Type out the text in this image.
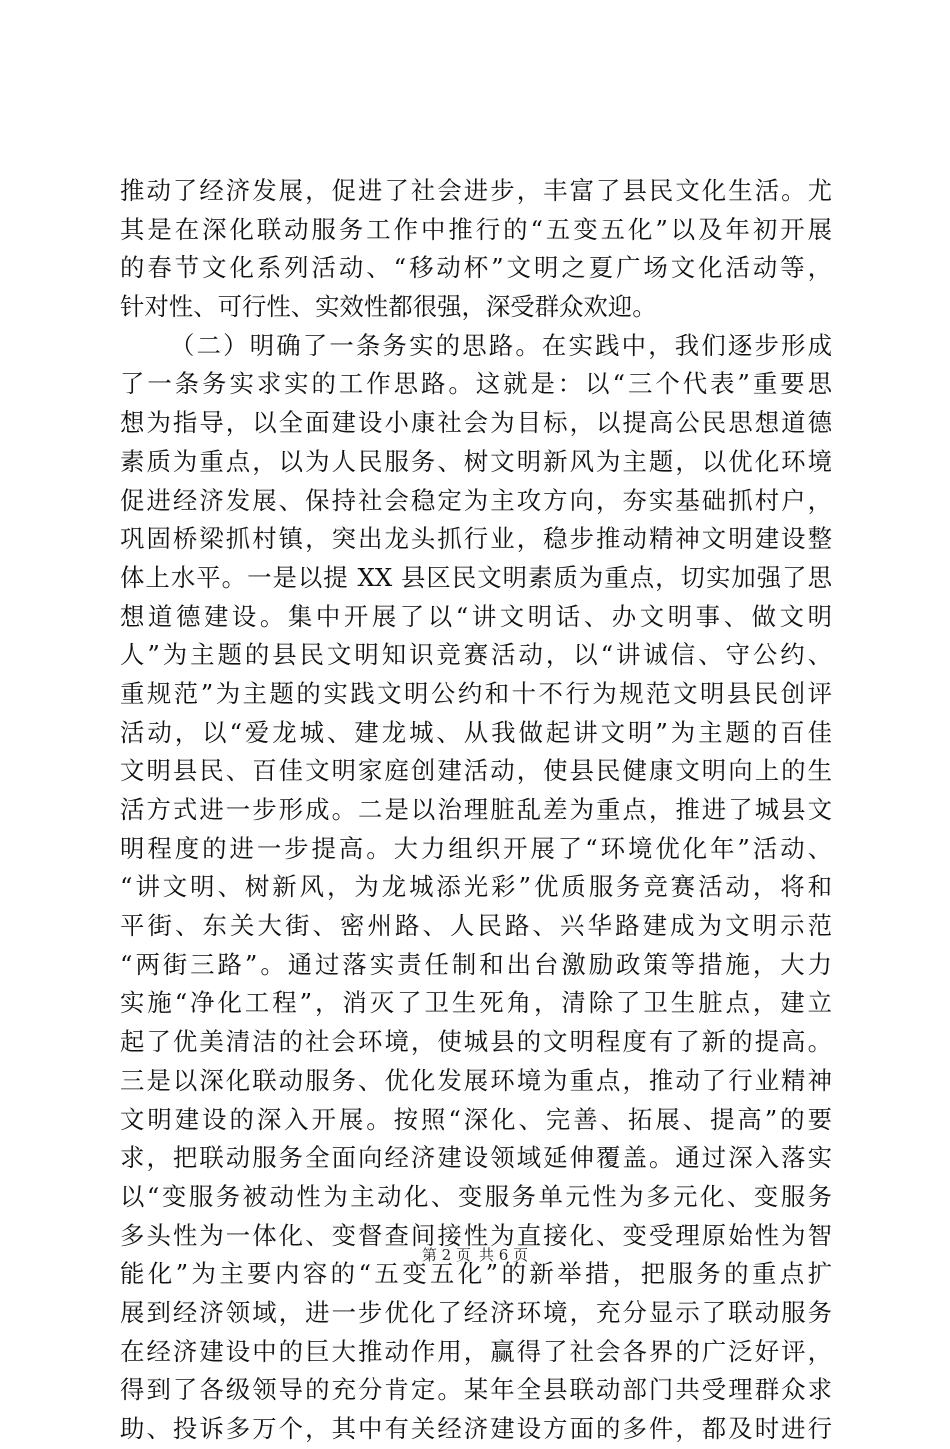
推动了经济发展，促进了社会进步，丰富了县民文化生活。尤
其是在深化联动服务工作中推行的“五变五化”以及年初开展
的春节文化系列活动、“移动杯”文明之夏广场文化活动等，
针对性、可行性、实效性都很强，深受群众欢迎。
（二）明确了一条务实的思路。在实践中，我们逐步形成
了一条务实求实的工作思路。这就是：以“三个代表”重要思
想为指导，以全面建设小康社会为目标，以提高公民思想道德
素质为重点，以为人民服务、树文明新风为主题，以优化环境
促进经济发展、保持社会稳定为主攻方向，夯实基础抓村户，
巩固桥梁抓村镇，突出龙头抓行业，稳步推动精神文明建设整
体上水平。一是以提 XX 县区民文明素质为重点，切实加强了思
想道德建设。集中开展了以“讲文明话、办文明事、做文明
人”为主题的县民文明知识竞赛活动，以“讲诚信、守公约、
重规范”为主题的实践文明公约和十不行为规范文明县民创评
活动，以“爱龙城、建龙城、从我做起讲文明”为主题的百佳
文明县民、百佳文明家庭创建活动，使县民健康文明向上的生
活方式进一步形成。二是以治理脏乱差为重点，推进了城县文
明程度的进一步提高。大力组织开展了“环境优化年”活动、
“讲文明、树新风，为龙城添光彩”优质服务竞赛活动，将和
平街、东关大街、密州路、人民路、兴华路建成为文明示范
“两街三路”。通过落实责任制和出台激励政策等措施，大力
实施“净化工程”，消灭了卫生死角，清除了卫生脏点，建立
起了优美清洁的社会环境，使城县的文明程度有了新的提高。
三是以深化联动服务、优化发展环境为重点，推动了行业精神
文明建设的深入开展。按照“深化、完善、拓展、提高”的要
求，把联动服务全面向经济建设领域延伸覆盖。通过深入落实
以“变服务被动性为主动化、变服务单元性为多元化、变服务
多头性为一体化、变督查间接性为直接化、变受理原始性为智
能化”为主要内容的“五变五化”的新举措，把服务的重点扩
展到经济领域，进一步优化了经济环境，充分显示了联动服务
在经济建设中的巨大推动作用，赢得了社会各界的广泛好评，
得到了各级领导的充分肯定。某年全县联动部门共受理群众求
助、投诉多万个，其中有关经济建设方面的多件，都及时进行
第 2 页 共 6 页
